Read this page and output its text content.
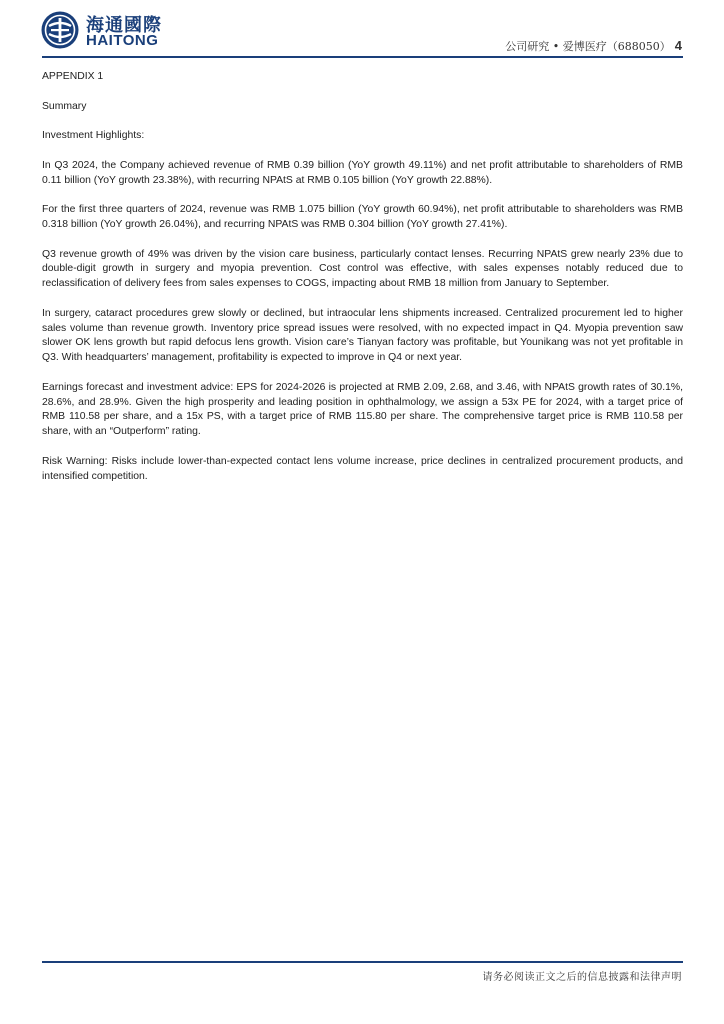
海通國際
HAITONG	公司研究 • 爱博医疗（688050） 4

APPENDIX 1

Summary

Investment Highlights:

In Q3 2024, the Company achieved revenue of RMB 0.39 billion (YoY growth 49.11%) and net profit attributable to shareholders of RMB 0.11 billion (YoY growth 23.38%), with recurring NPAtS at RMB 0.105 billion (YoY growth 22.88%).

For the first three quarters of 2024, revenue was RMB 1.075 billion (YoY growth 60.94%), net profit attributable to shareholders was RMB 0.318 billion (YoY growth 26.04%), and recurring NPAtS was RMB 0.304 billion (YoY growth 27.41%).

Q3 revenue growth of 49% was driven by the vision care business, particularly contact lenses. Recurring NPAtS grew nearly 23% due to double-digit growth in surgery and myopia prevention. Cost control was effective, with sales expenses notably reduced due to reclassification of delivery fees from sales expenses to COGS, impacting about RMB 18 million from January to September.

In surgery, cataract procedures grew slowly or declined, but intraocular lens shipments increased. Centralized procurement led to higher sales volume than revenue growth. Inventory price spread issues were resolved, with no expected impact in Q4. Myopia prevention saw slower OK lens growth but rapid defocus lens growth. Vision care’s Tianyan factory was profitable, but Younikang was not yet profitable in Q3. With headquarters’ management, profitability is expected to improve in Q4 or next year.

Earnings forecast and investment advice: EPS for 2024-2026 is projected at RMB 2.09, 2.68, and 3.46, with NPAtS growth rates of 30.1%, 28.6%, and 28.9%. Given the high prosperity and leading position in ophthalmology, we assign a 53x PE for 2024, with a target price of RMB 110.58 per share, and a 15x PS, with a target price of RMB 115.80 per share. The comprehensive target price is RMB 110.58 per share, with an “Outperform” rating.

Risk Warning: Risks include lower-than-expected contact lens volume increase, price declines in centralized procurement products, and intensified competition.

请务必阅读正文之后的信息披露和法律声明
